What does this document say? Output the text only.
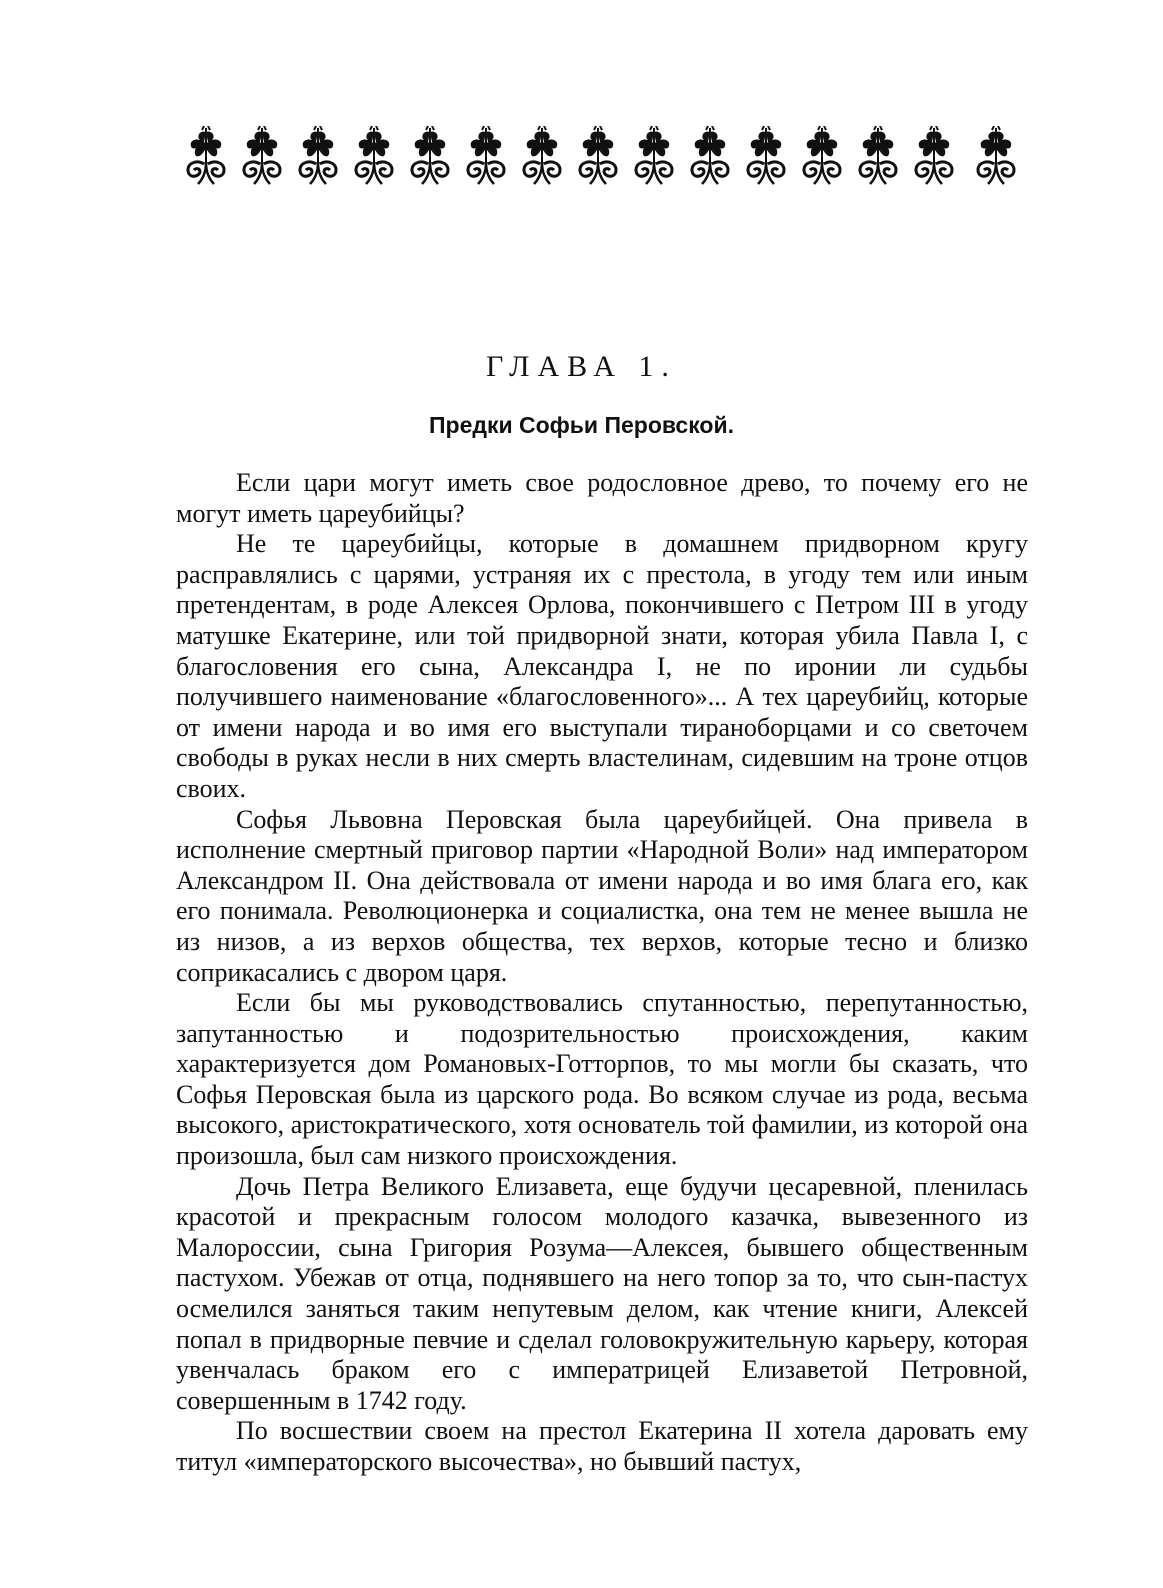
ГЛАВА 1.
Предки Софьи Перовской.

Если цари могут иметь свое родословное древо, то почему его не могут иметь цареубийцы?

Не те цареубийцы, которые в домашнем придворном кругу расправлялись с царями, устраняя их с престола, в угоду тем или иным претендентам, в роде Алексея Орлова, покончившего с Петром III в угоду матушке Екатерине, или той придворной знати, которая убила Павла I, с благословения его сына, Александра I, не по иронии ли судьбы получившего наименование «благословенного»... А тех цареубийц, которые от имени народа и во имя его выступали тираноборцами и со светочем свободы в руках несли в них смерть властелинам, сидевшим на троне отцов своих.

Софья Львовна Перовская была цареубийцей. Она привела в исполнение смертный приговор партии «Народной Воли» над императором Александром II. Она действовала от имени народа и во имя блага его, как его понимала. Революционерка и социалистка, она тем не менее вышла не из низов, а из верхов общества, тех верхов, которые тесно и близко соприкасались с двором царя.

Если бы мы руководствовались спутанностью, перепутанностью, запутанностью и подозрительностью происхождения, каким характеризуется дом Романовых-Готторпов, то мы могли бы сказать, что Софья Перовская была из царского рода. Во всяком случае из рода, весьма высокого, аристократического, хотя основатель той фамилии, из которой она произошла, был сам низкого происхождения.

Дочь Петра Великого Елизавета, еще будучи цесаревной, пленилась красотой и прекрасным голосом молодого казачка, вывезенного из Малороссии, сына Григория Розума—Алексея, бывшего общественным пастухом. Убежав от отца, поднявшего на него топор за то, что сын-пастух осмелился заняться таким непутевым делом, как чтение книги, Алексей попал в придворные певчие и сделал головокружительную карьеру, которая увенчалась браком его с императрицей Елизаветой Петровной, совершенным в 1742 году.

По восшествии своем на престол Екатерина II хотела даровать ему титул «императорского высочества», но бывший пастух,
